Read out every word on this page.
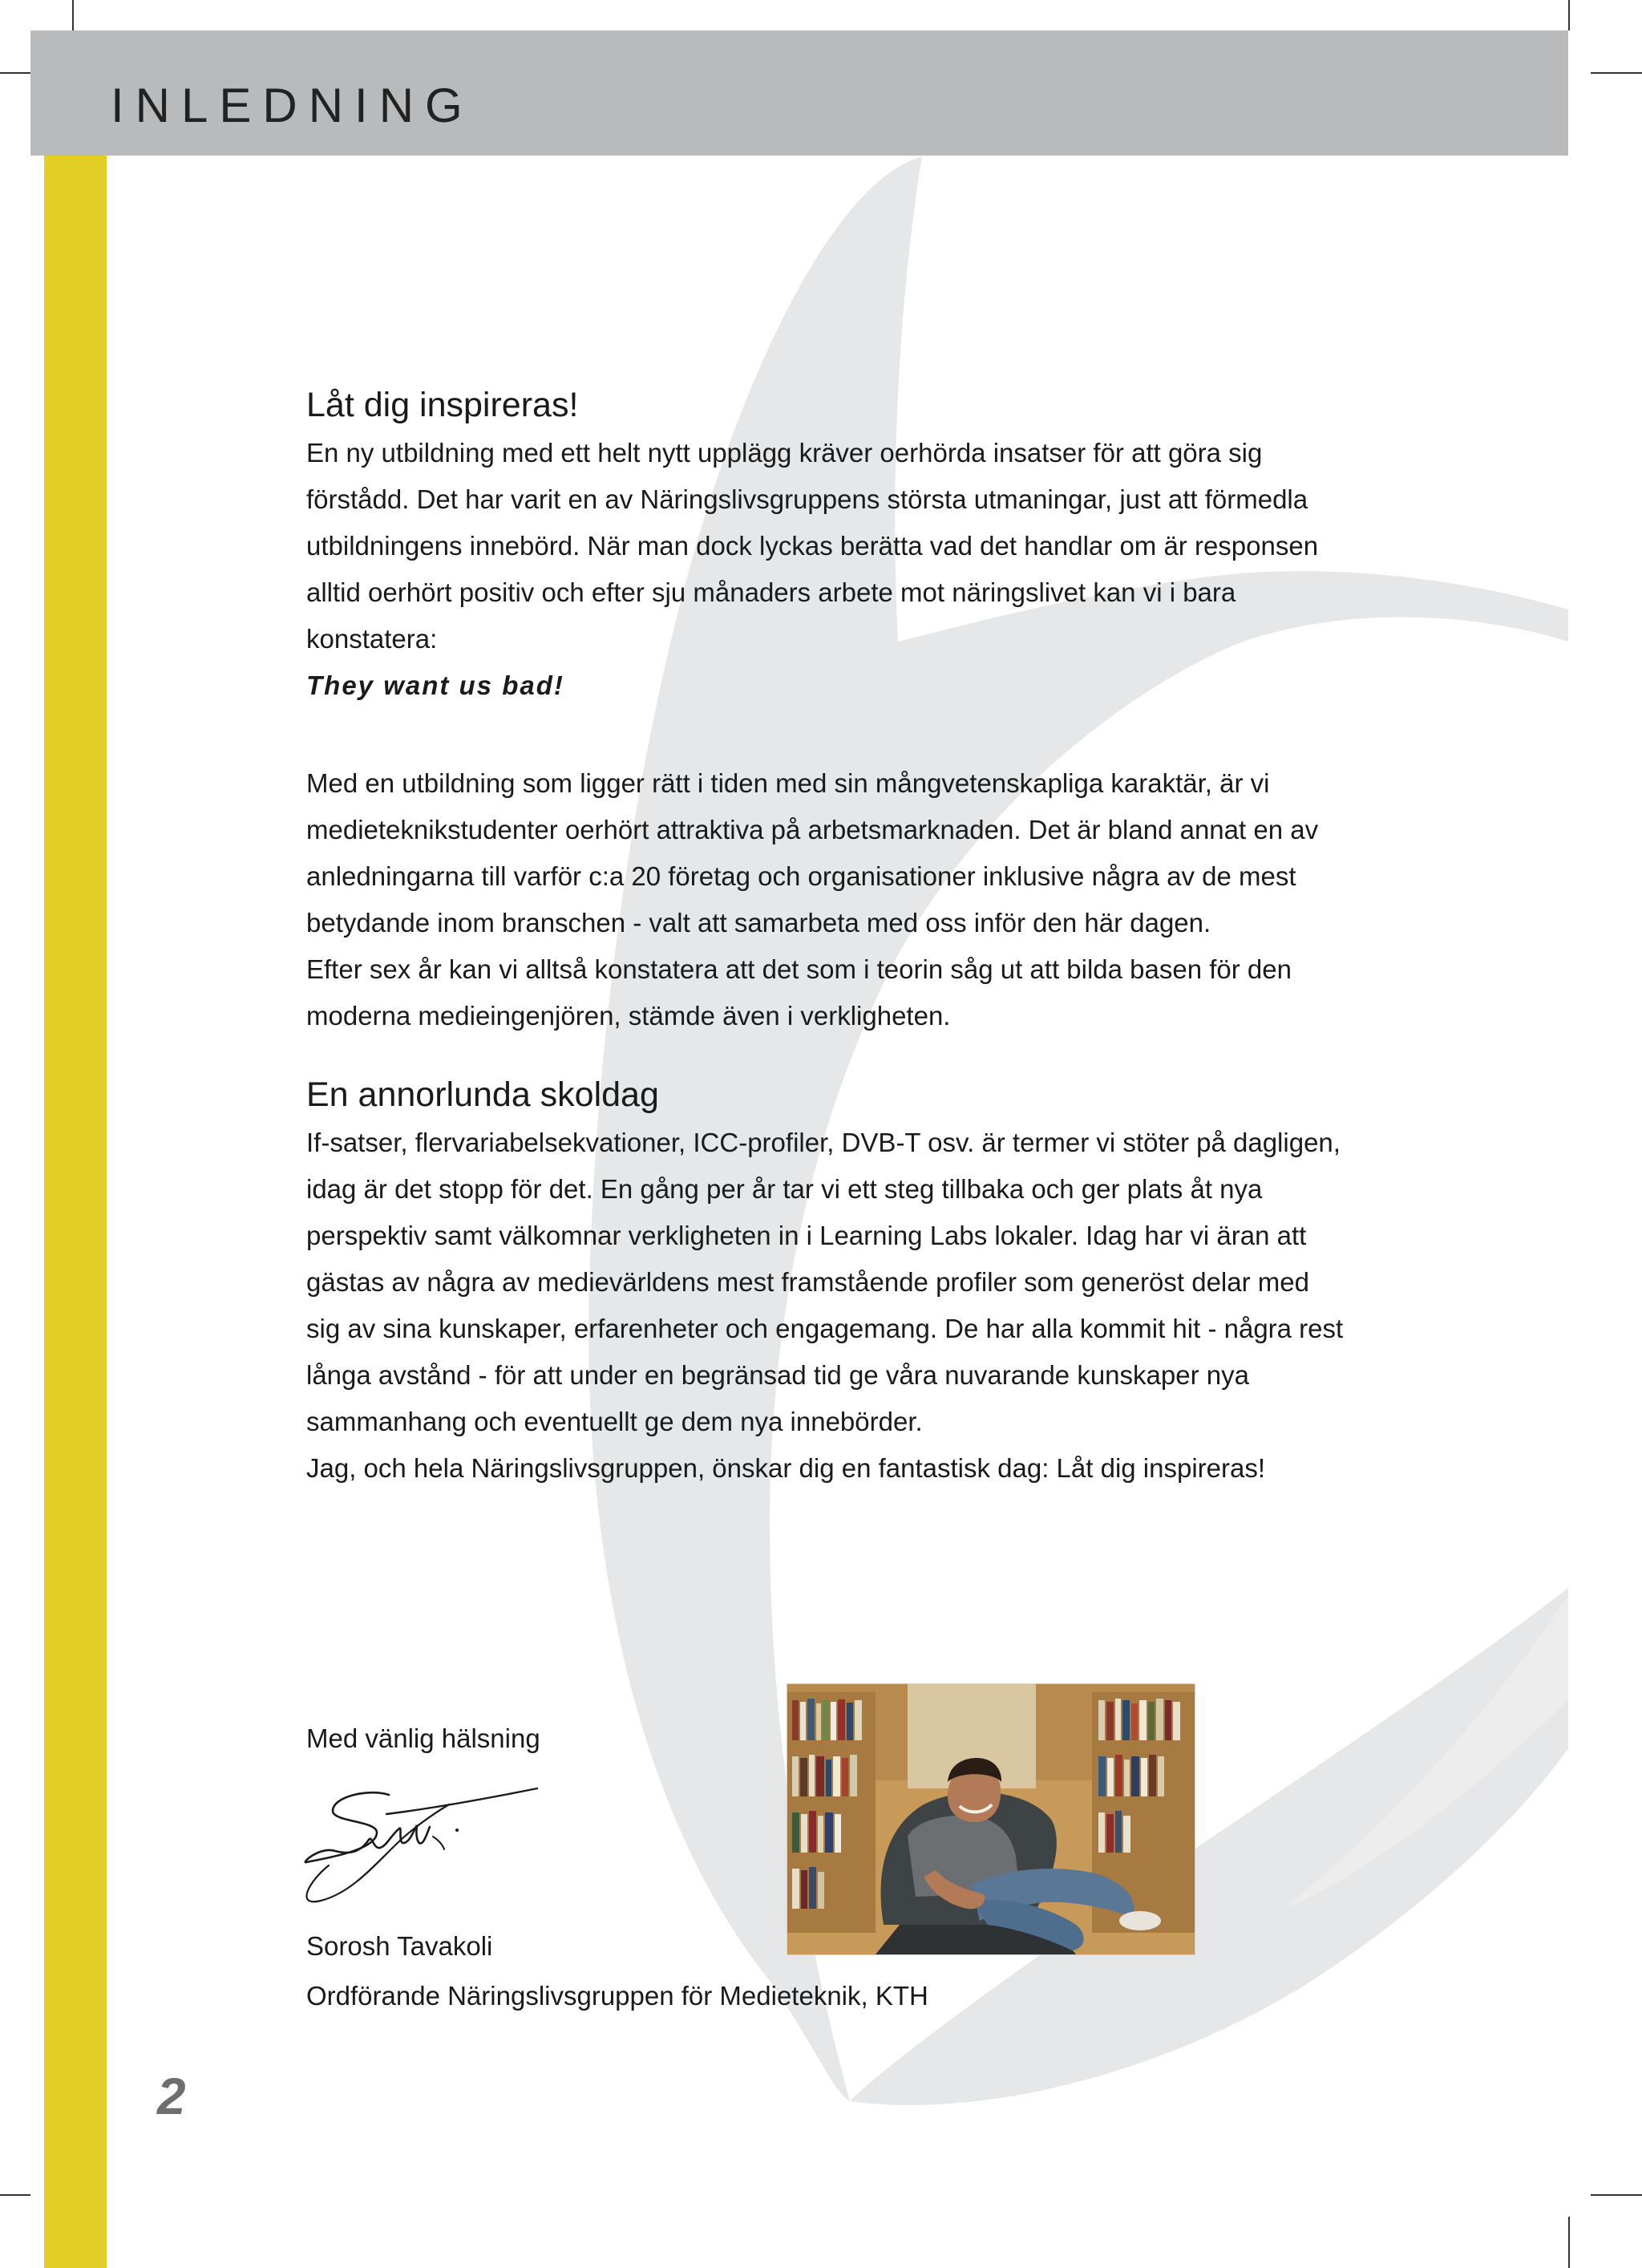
INLEDNING
Låt dig inspireras!

En ny utbildning med ett helt nytt upplägg kräver oerhörda insatser för att göra sig förstådd. Det har varit en av Näringslivsgruppens största utmaningar, just att förmedla utbildningens innebörd. När man dock lyckas berätta vad det handlar om är responsen alltid oerhört positiv och efter sju månaders arbete mot näringslivet kan vi i bara konstatera:

They want us bad!

Med en utbildning som ligger rätt i tiden med sin mångvetenskapliga karaktär, är vi medieteknikstudenter oerhört attraktiva på arbetsmarknaden. Det är bland annat en av anledningarna till varför c:a 20 företag och organisationer inklusive några av de mest betydande inom branschen - valt att samarbeta med oss inför den här dagen.

Efter sex år kan vi alltså konstatera att det som i teorin såg ut att bilda basen för den moderna medieingenjören, stämde även i verkligheten.

En annorlunda skoldag

If-satser, flervariabelsekvationer, ICC-profiler, DVB-T osv. är termer vi stöter på dagligen, idag är det stopp för det. En gång per år tar vi ett steg tillbaka och ger plats åt nya perspektiv samt välkomnar verkligheten in i Learning Labs lokaler. Idag har vi äran att gästas av några av medievärldens mest framstående profiler som generöst delar med sig av sina kunskaper, erfarenheter och engagemang. De har alla kommit hit - några rest långa avstånd - för att under en begränsad tid ge våra nuvarande kunskaper nya sammanhang och eventuellt ge dem nya innebörder.

Jag, och hela Näringslivsgruppen, önskar dig en fantastisk dag: Låt dig inspireras!

Med vänlig hälsning
Sorosh Tavakoli
Ordförande Näringslivsgruppen för Medieteknik, KTH
2
